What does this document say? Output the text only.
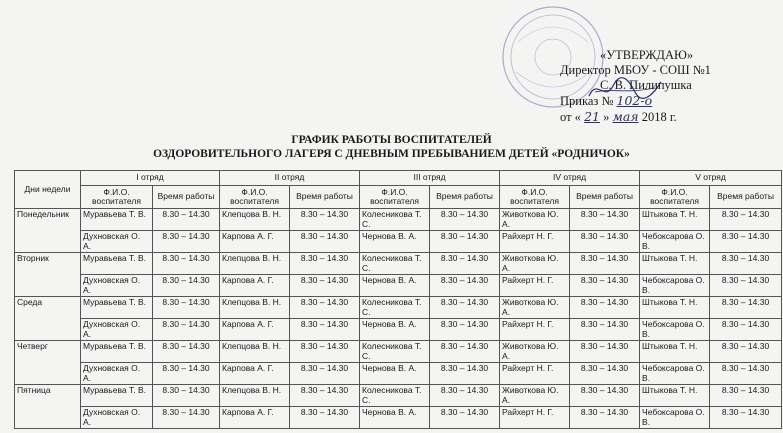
«УТВЕРЖДАЮ»
Директор МБОУ - СОШ №1
С. В. Пилипушка
Приказ № 102-о
от « 21 » мая 2018 г.
ГРАФИК РАБОТЫ ВОСПИТАТЕЛЕЙ
ОЗДОРОВИТЕЛЬНОГО ЛАГЕРЯ С ДНЕВНЫМ ПРЕБЫВАНИЕМ ДЕТЕЙ «РОДНИЧОК»
Дни недели	I отряд		II отряд		III отряд		IV отряд		V отряд	
	Ф.И.О. воспитателя	Время работы	Ф.И.О. воспитателя	Время работы	Ф.И.О. воспитателя	Время работы	Ф.И.О. воспитателя	Время работы	Ф.И.О. воспитателя	Время работы
Понедельник	Муравьева Т. В.	8.30 – 14.30	Клепцова В. Н.	8.30 – 14.30	Колесникова Т. С.	8.30 – 14.30	Животкова Ю. А.	8.30 – 14.30	Штыкова Т. Н.	8.30 – 14.30
	Духновская О. А.	8.30 – 14.30	Карпова А. Г.	8.30 – 14.30	Чернова В. А.	8.30 – 14.30	Райхерт Н. Г.	8.30 – 14.30	Чебоксарова О. В.	8.30 – 14.30
Вторник	Муравьева Т. В.	8.30 – 14.30	Клепцова В. Н.	8.30 – 14.30	Колесникова Т. С.	8.30 – 14.30	Животкова Ю. А.	8.30 – 14.30	Штыкова Т. Н.	8.30 – 14.30
	Духновская О. А.	8.30 – 14.30	Карпова А. Г.	8.30 – 14.30	Чернова В. А.	8.30 – 14.30	Райхерт Н. Г.	8.30 – 14.30	Чебоксарова О. В.	8.30 – 14.30
Среда	Муравьева Т. В.	8.30 – 14.30	Клепцова В. Н.	8.30 – 14.30	Колесникова Т. С.	8.30 – 14.30	Животкова Ю. А.	8.30 – 14.30	Штыкова Т. Н.	8.30 – 14.30
	Духновская О. А.	8.30 – 14.30	Карпова А. Г.	8.30 – 14.30	Чернова В. А.	8.30 – 14.30	Райхерт Н. Г.	8.30 – 14.30	Чебоксарова О. В.	8.30 – 14.30
Четверг	Муравьева Т. В.	8.30 – 14.30	Клепцова В. Н.	8.30 – 14.30	Колесникова Т. С.	8.30 – 14.30	Животкова Ю. А.	8.30 – 14.30	Штыкова Т. Н.	8.30 – 14.30
	Духновская О. А.	8.30 – 14.30	Карпова А. Г.	8.30 – 14.30	Чернова В. А.	8.30 – 14.30	Райхерт Н. Г.	8.30 – 14.30	Чебоксарова О. В.	8.30 – 14.30
Пятница	Муравьева Т. В.	8.30 – 14.30	Клепцова В. Н.	8.30 – 14.30	Колесникова Т. С.	8.30 – 14.30	Животкова Ю. А.	8.30 – 14.30	Штыкова Т. Н.	8.30 – 14.30
	Духновская О. А.	8.30 – 14.30	Карпова А. Г.	8.30 – 14.30	Чернова В. А.	8.30 – 14.30	Райхерт Н. Г.	8.30 – 14.30	Чебоксарова О. В.	8.30 – 14.30
